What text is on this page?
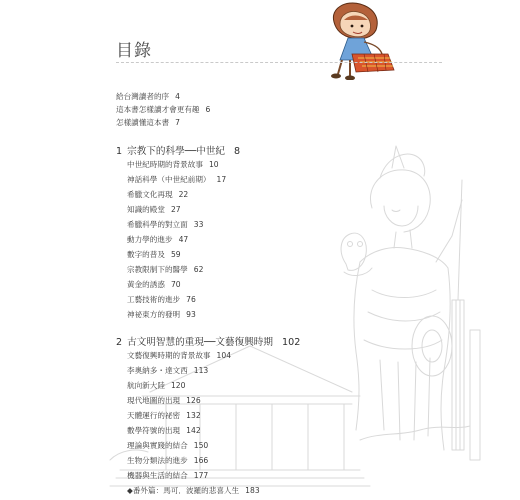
目錄
給台灣讀者的序 4
這本書怎樣讀才會更有趣 6
怎樣讀懂這本書 7
1 宗教下的科學──中世紀 8
中世紀時期的背景故事 10
神話科學（中世紀前期） 17
希臘文化再現 22
知識的殿堂 27
希臘科學的對立面 33
動力學的進步 47
數字的普及 59
宗教限制下的醫學 62
黃金的誘惑 70
工藝技術的進步 76
神祕東方的發明 93
2 古文明智慧的重現──文藝復興時期 102
文藝復興時期的背景故事 104
李奧納多・達文西 113
航向新大陸 120
現代地圖的出現 126
天體運行的祕密 132
數學符號的出現 142
理論與實踐的結合 150
生物分類法的進步 166
機器與生活的結合 177
◆番外篇：馬可．波羅的悲喜人生 183
